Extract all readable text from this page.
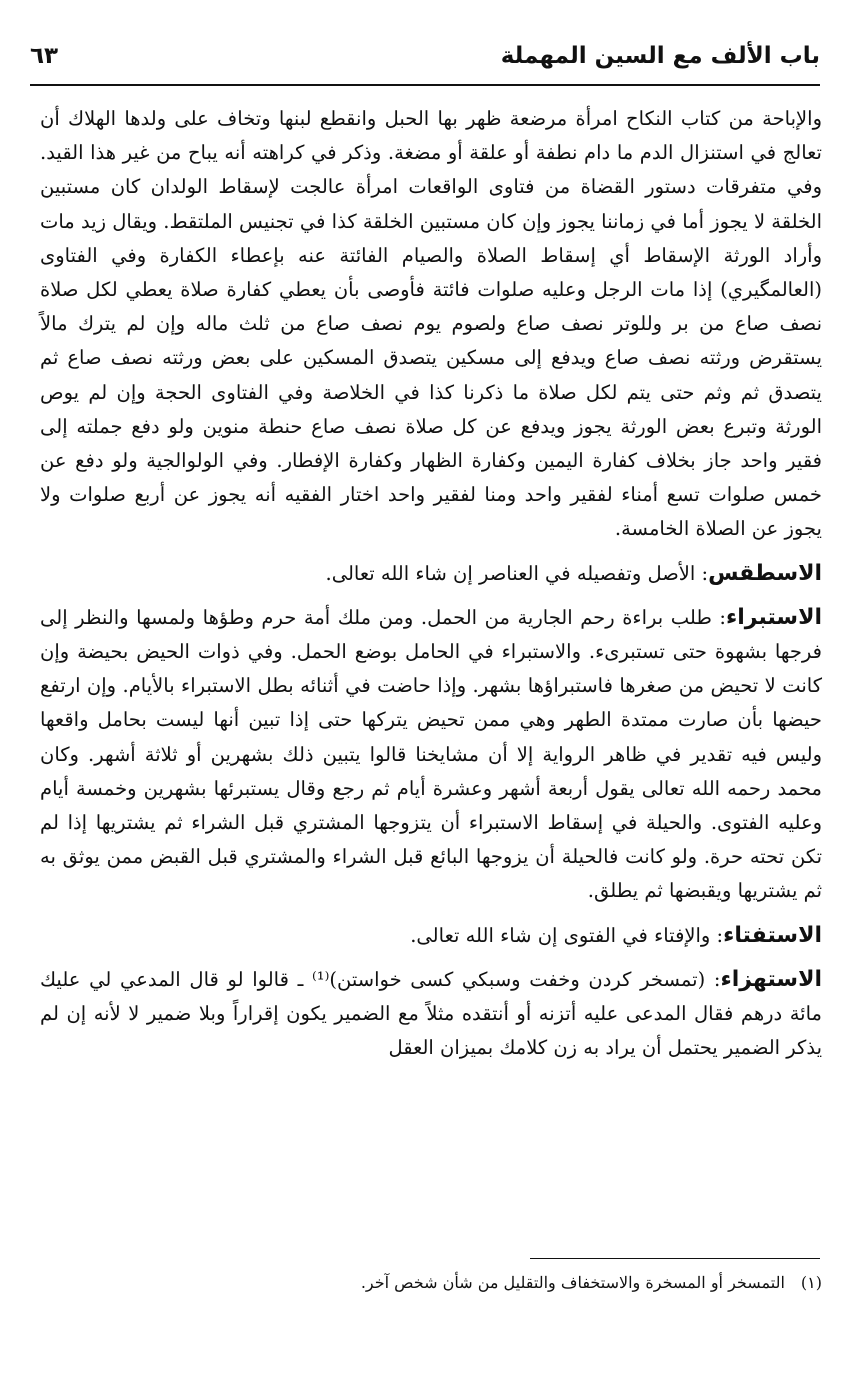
باب الألف مع السين المهملة
٦٣

والإباحة من كتاب النكاح امرأة مرضعة ظهر بها الحبل وانقطع لبنها وتخاف على ولدها الهلاك أن تعالج في استنزال الدم ما دام نطفة أو علقة أو مضغة. وذكر في كراهته أنه يباح من غير هذا القيد. وفي متفرقات دستور القضاة من فتاوى الواقعات امرأة عالجت لإسقاط الولدان كان مستبين الخلقة لا يجوز أما في زماننا يجوز وإن كان مستبين الخلقة كذا في تجنيس الملتقط. ويقال زيد مات وأراد الورثة الإسقاط أي إسقاط الصلاة والصيام الفائتة عنه بإعطاء الكفارة وفي الفتاوى (العالمگيري) إذا مات الرجل وعليه صلوات فائتة فأوصى بأن يعطي كفارة صلاة يعطي لكل صلاة نصف صاع من بر وللوتر نصف صاع ولصوم يوم نصف صاع من ثلث ماله وإن لم يترك مالاً يستقرض ورثته نصف صاع ويدفع إلى مسكين يتصدق المسكين على بعض ورثته نصف صاع ثم يتصدق ثم وثم حتى يتم لكل صلاة ما ذكرنا كذا في الخلاصة وفي الفتاوى الحجة وإن لم يوص الورثة وتبرع بعض الورثة يجوز ويدفع عن كل صلاة نصف صاع حنطة منوين ولو دفع جملته إلى فقير واحد جاز بخلاف كفارة اليمين وكفارة الظهار وكفارة الإفطار. وفي الولوالجية ولو دفع عن خمس صلوات تسع أمناء لفقير واحد ومنا لفقير واحد اختار الفقيه أنه يجوز عن أربع صلوات ولا يجوز عن الصلاة الخامسة.

الاسطقس: الأصل وتفصيله في العناصر إن شاء الله تعالى.

الاستبراء: طلب براءة رحم الجارية من الحمل. ومن ملك أمة حرم وطؤها ولمسها والنظر إلى فرجها بشهوة حتى تستبرىء. والاستبراء في الحامل بوضع الحمل. وفي ذوات الحيض بحيضة وإن كانت لا تحيض من صغرها فاستبراؤها بشهر. وإذا حاضت في أثنائه بطل الاستبراء بالأيام. وإن ارتفع حيضها بأن صارت ممتدة الطهر وهي ممن تحيض يتركها حتى إذا تبين أنها ليست بحامل واقعها وليس فيه تقدير في ظاهر الرواية إلا أن مشايخنا قالوا يتبين ذلك بشهرين أو ثلاثة أشهر. وكان محمد رحمه الله تعالى يقول أربعة أشهر وعشرة أيام ثم رجع وقال يستبرئها بشهرين وخمسة أيام وعليه الفتوى. والحيلة في إسقاط الاستبراء أن يتزوجها المشتري قبل الشراء ثم يشتريها إذا لم تكن تحته حرة. ولو كانت فالحيلة أن يزوجها البائع قبل الشراء والمشتري قبل القبض ممن يوثق به ثم يشتريها ويقبضها ثم يطلق.

الاستفتاء: والإفتاء في الفتوى إن شاء الله تعالى.

الاستهزاء: (تمسخر كردن وخفت وسبكي كسى خواستن)⁽¹⁾ ـ قالوا لو قال المدعي لي عليك مائة درهم فقال المدعى عليه أتزنه أو أنتقده مثلاً مع الضمير يكون إقراراً وبلا ضمير لا لأنه إن لم يذكر الضمير يحتمل أن يراد به زن كلامك بميزان العقل

(١)التمسخر أو المسخرة والاستخفاف والتقليل من شأن شخص آخر.
